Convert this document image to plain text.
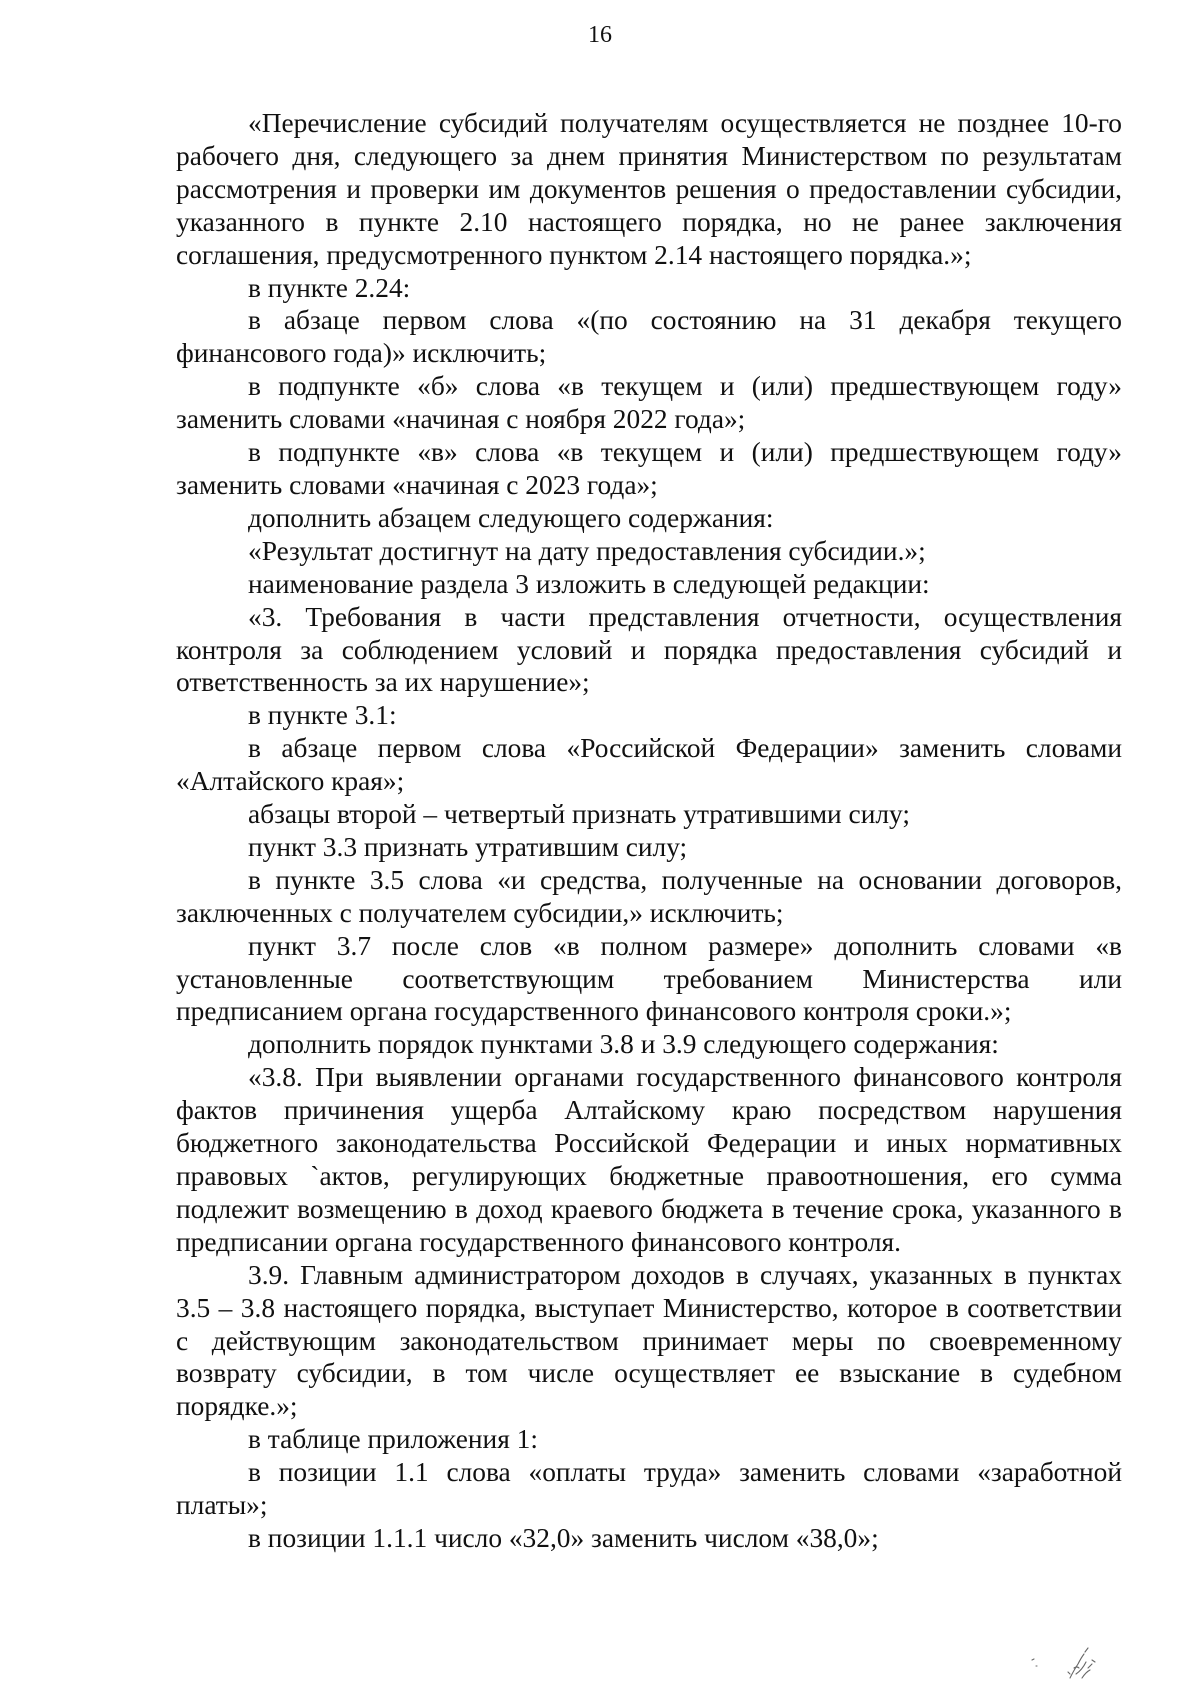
16

«Перечисление субсидий получателям осуществляется не позднее 10-го рабочего дня, следующего за днем принятия Министерством по результатам рассмотрения и проверки им документов решения о предоставлении субсидии, указанного в пункте 2.10 настоящего порядка, но не ранее заключения соглашения, предусмотренного пунктом 2.14 настоящего порядка.»;

в пункте 2.24:

в абзаце первом слова «(по состоянию на 31 декабря текущего финансового года)» исключить;

в подпункте «б» слова «в текущем и (или) предшествующем году» заменить словами «начиная с ноября 2022 года»;

в подпункте «в» слова «в текущем и (или) предшествующем году» заменить словами «начиная с 2023 года»;

дополнить абзацем следующего содержания:

«Результат достигнут на дату предоставления субсидии.»;

наименование раздела 3 изложить в следующей редакции:

«3. Требования в части представления отчетности, осуществления контроля за соблюдением условий и порядка предоставления субсидий и ответственность за их нарушение»;

в пункте 3.1:

в абзаце первом слова «Российской Федерации» заменить словами «Алтайского края»;

абзацы второй – четвертый признать утратившими силу;

пункт 3.3 признать утратившим силу;

в пункте 3.5 слова «и средства, полученные на основании договоров, заключенных с получателем субсидии,» исключить;

пункт 3.7 после слов «в полном размере» дополнить словами «в установленные соответствующим требованием Министерства или предписанием органа государственного финансового контроля сроки.»;

дополнить порядок пунктами 3.8 и 3.9 следующего содержания:

«3.8. При выявлении органами государственного финансового контроля фактов причинения ущерба Алтайскому краю посредством нарушения бюджетного законодательства Российской Федерации и иных нормативных правовых `актов, регулирующих бюджетные правоотношения, его сумма подлежит возмещению в доход краевого бюджета в течение срока, указанного в предписании органа государственного финансового контроля.

3.9. Главным администратором доходов в случаях, указанных в пунктах 3.5 – 3.8 настоящего порядка, выступает Министерство, которое в соответствии с действующим законодательством принимает меры по своевременному возврату субсидии, в том числе осуществляет ее взыскание в судебном порядке.»;

в таблице приложения 1:

в позиции 1.1 слова «оплаты труда» заменить словами «заработной платы»;

в позиции 1.1.1 число «32,0» заменить числом «38,0»;
